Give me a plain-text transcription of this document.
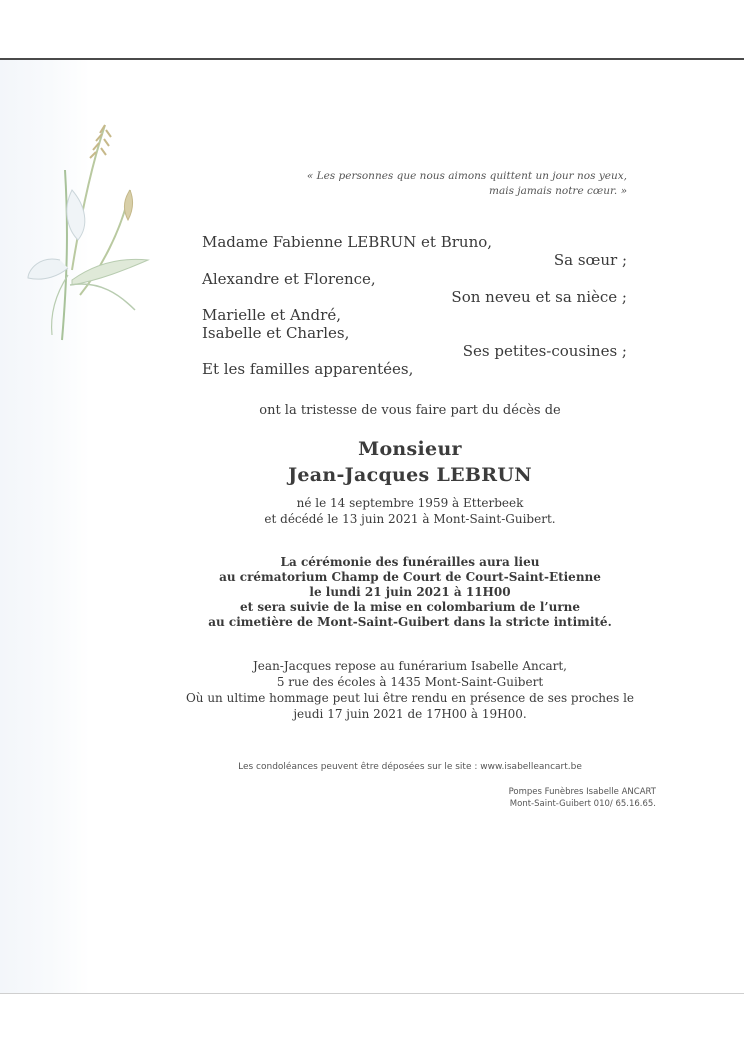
« Les personnes que nous aimons quittent un jour nos yeux,
mais jamais notre cœur. »
Madame Fabienne LEBRUN et Bruno,
Sa sœur ;
Alexandre et Florence,
Son neveu et sa nièce ;
Marielle et André,
Isabelle et Charles,
Ses petites-cousines ;
Et les familles apparentées,
ont la tristesse de vous faire part du décès de
Monsieur
Jean-Jacques LEBRUN
né le 14 septembre 1959 à Etterbeek
et décédé le 13 juin 2021 à Mont-Saint-Guibert.
La cérémonie des funérailles aura lieu
au crématorium Champ de Court de Court-Saint-Etienne
le lundi 21 juin 2021 à 11H00
et sera suivie de la mise en colombarium de l’urne
au cimetière de Mont-Saint-Guibert dans la stricte intimité.
Jean-Jacques repose au funérarium Isabelle Ancart,
5 rue des écoles à 1435 Mont-Saint-Guibert
Où un ultime hommage peut lui être rendu en présence de ses proches le
jeudi 17 juin 2021 de 17H00 à 19H00.
Les condoléances peuvent être déposées sur le site : www.isabelleancart.be
Pompes Funèbres Isabelle ANCART
Mont-Saint-Guibert 010/ 65.16.65.
